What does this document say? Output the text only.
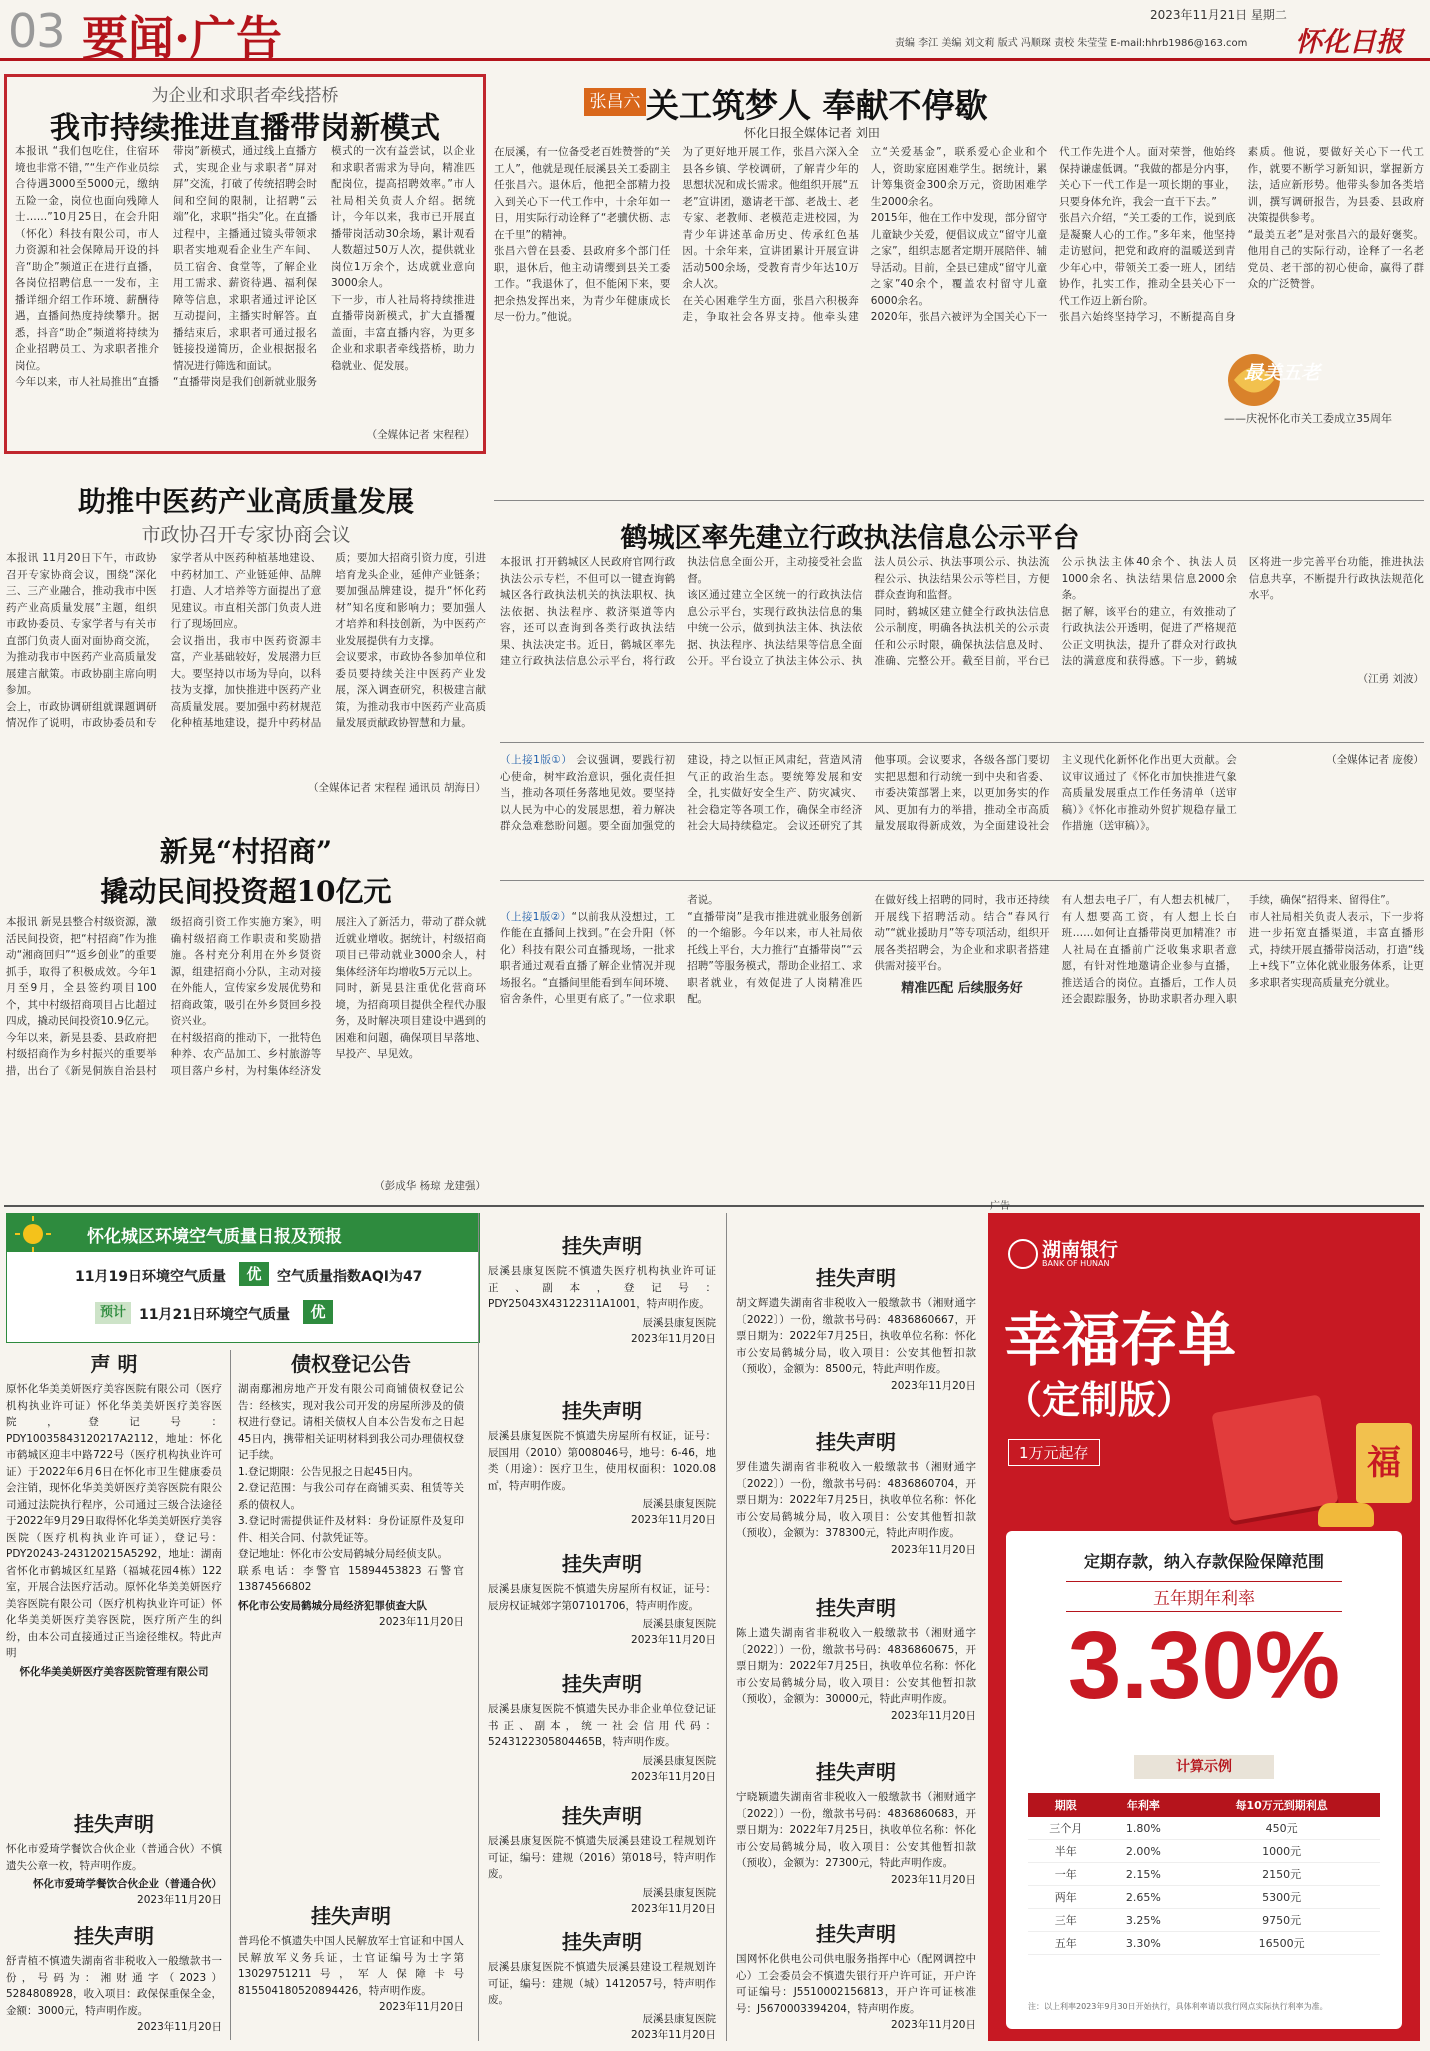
03 要闻·广告	2023年11月21日 星期二
责编 李江 美编 刘文莉 版式 冯顺琛 责校 朱莹莹 E-mail:hhrb1986@163.com 怀化日报
为企业和求职者牵线搭桥
我市持续推进直播带岗新模式
本报讯 “我们包吃住，住宿环境也非常不错，”“生产作业员综合待遇3000至5000元，缴纳五险一金，岗位也面向残障人士……”10月25日，在会升阳（怀化）科技有限公司，市人力资源和社会保障局开设的抖音“助企”频道正在进行直播，各岗位招聘信息一一发布，主播详细介绍工作环境、薪酬待遇，直播间热度持续攀升。据悉，抖音“助企”频道将持续为企业招聘员工、为求职者推介岗位。
今年以来，市人社局推出“直播带岗”新模式，通过线上直播方式，实现企业与求职者“屏对屏”交流，打破了传统招聘会时间和空间的限制，让招聘“云端”化，求职“指尖”化。在直播过程中，主播通过镜头带领求职者实地观看企业生产车间、员工宿舍、食堂等，了解企业用工需求、薪资待遇、福利保障等信息，求职者通过评论区互动提问，主播实时解答。直播结束后，求职者可通过报名链接投递简历，企业根据报名情况进行筛选和面试。
“直播带岗是我们创新就业服务模式的一次有益尝试，以企业和求职者需求为导向，精准匹配岗位，提高招聘效率。”市人社局相关负责人介绍。据统计，今年以来，我市已开展直播带岗活动30余场，累计观看人数超过50万人次，提供就业岗位1万余个，达成就业意向3000余人。
下一步，市人社局将持续推进直播带岗新模式，扩大直播覆盖面，丰富直播内容，为更多企业和求职者牵线搭桥，助力稳就业、促发展。
（全媒体记者 宋程程）
张昌六 关工筑梦人 奉献不停歇
怀化日报全媒体记者 刘田
在辰溪，有一位备受老百姓赞誉的“关工人”，他就是现任辰溪县关工委副主任张昌六。退休后，他把全部精力投入到关心下一代工作中，十余年如一日，用实际行动诠释了“老骥伏枥、志在千里”的精神。
张昌六曾在县委、县政府多个部门任职，退休后，他主动请缨到县关工委工作。“我退休了，但不能闲下来，要把余热发挥出来，为青少年健康成长尽一份力。”他说。
为了更好地开展工作，张昌六深入全县各乡镇、学校调研，了解青少年的思想状况和成长需求。他组织开展“五老”宣讲团，邀请老干部、老战士、老专家、老教师、老模范走进校园，为青少年讲述革命历史、传承红色基因。十余年来，宣讲团累计开展宣讲活动500余场，受教育青少年达10万余人次。
在关心困难学生方面，张昌六积极奔走，争取社会各界支持。他牵头建立“关爱基金”，联系爱心企业和个人，资助家庭困难学生。据统计，累计筹集资金300余万元，资助困难学生2000余名。
2015年，他在工作中发现，部分留守儿童缺少关爱，便倡议成立“留守儿童之家”，组织志愿者定期开展陪伴、辅导活动。目前，全县已建成“留守儿童之家”40余个，覆盖农村留守儿童6000余名。
2020年，张昌六被评为全国关心下一代工作先进个人。面对荣誉，他始终保持谦虚低调。“我做的都是分内事，关心下一代工作是一项长期的事业，只要身体允许，我会一直干下去。”
张昌六介绍，“关工委的工作，说到底是凝聚人心的工作。”多年来，他坚持走访慰问，把党和政府的温暖送到青少年心中，带领关工委一班人，团结协作，扎实工作，推动全县关心下一代工作迈上新台阶。
张昌六始终坚持学习，不断提高自身素质。他说，要做好关心下一代工作，就要不断学习新知识，掌握新方法，适应新形势。他带头参加各类培训，撰写调研报告，为县委、县政府决策提供参考。
“最美五老”是对张昌六的最好褒奖。他用自己的实际行动，诠释了一名老党员、老干部的初心使命，赢得了群众的广泛赞誉。
最美五老
——庆祝怀化市关工委成立35周年
助推中医药产业高质量发展
市政协召开专家协商会议
本报讯 11月20日下午，市政协召开专家协商会议，围绕“深化三、三产业融合，推动我市中医药产业高质量发展”主题，组织市政协委员、专家学者与有关市直部门负责人面对面协商交流，为推动我市中医药产业高质量发展建言献策。市政协副主席向明参加。
会上，市政协调研组就课题调研情况作了说明，市政协委员和专家学者从中医药种植基地建设、中药材加工、产业链延伸、品牌打造、人才培养等方面提出了意见建议。市直相关部门负责人进行了现场回应。
会议指出，我市中医药资源丰富，产业基础较好，发展潜力巨大。要坚持以市场为导向，以科技为支撑，加快推进中医药产业高质量发展。要加强中药材规范化种植基地建设，提升中药材品质；要加大招商引资力度，引进培育龙头企业，延伸产业链条；要加强品牌建设，提升“怀化药材”知名度和影响力；要加强人才培养和科技创新，为中医药产业发展提供有力支撑。
会议要求，市政协各参加单位和委员要持续关注中医药产业发展，深入调查研究，积极建言献策，为推动我市中医药产业高质量发展贡献政协智慧和力量。
（全媒体记者 宋程程 通讯员 胡海日）
鹤城区率先建立行政执法信息公示平台
本报讯 打开鹤城区人民政府官网行政执法公示专栏，不但可以一键查询鹤城区各行政执法机关的执法职权、执法依据、执法程序、救济渠道等内容，还可以查询到各类行政执法结果、执法决定书。近日，鹤城区率先建立行政执法信息公示平台，将行政执法信息全面公开，主动接受社会监督。
该区通过建立全区统一的行政执法信息公示平台，实现行政执法信息的集中统一公示，做到执法主体、执法依据、执法程序、执法结果等信息全面公开。平台设立了执法主体公示、执法人员公示、执法事项公示、执法流程公示、执法结果公示等栏目，方便群众查询和监督。
同时，鹤城区建立健全行政执法信息公示制度，明确各执法机关的公示责任和公示时限，确保执法信息及时、准确、完整公开。截至目前，平台已公示执法主体40余个、执法人员1000余名、执法结果信息2000余条。
据了解，该平台的建立，有效推动了行政执法公开透明，促进了严格规范公正文明执法，提升了群众对行政执法的满意度和获得感。下一步，鹤城区将进一步完善平台功能，推进执法信息共享，不断提升行政执法规范化水平。
（江勇 刘波）
（上接1版①） 会议强调，要践行初心使命，树牢政治意识，强化责任担当，推动各项任务落地见效。要坚持以人民为中心的发展思想，着力解决群众急难愁盼问题。要全面加强党的建设，持之以恒正风肃纪，营造风清气正的政治生态。要统筹发展和安全，扎实做好安全生产、防灾减灾、社会稳定等各项工作，确保全市经济社会大局持续稳定。 会议还研究了其他事项。会议要求，各级各部门要切实把思想和行动统一到中央和省委、市委决策部署上来，以更加务实的作风、更加有力的举措，推动全市高质量发展取得新成效，为全面建设社会主义现代化新怀化作出更大贡献。会议审议通过了《怀化市加快推进气象高质量发展重点工作任务清单（送审稿）》《怀化市推动外贸扩规稳存量工作措施（送审稿）》。
（全媒体记者 庞俊）
新晃“村招商”
撬动民间投资超10亿元
本报讯 新晃县整合村级资源，激活民间投资，把“村招商”作为推动“湘商回归”“返乡创业”的重要抓手，取得了积极成效。今年1月至9月，全县签约项目100个，其中村级招商项目占比超过四成，撬动民间投资10.9亿元。
今年以来，新晃县委、县政府把村级招商作为乡村振兴的重要举措，出台了《新晃侗族自治县村级招商引资工作实施方案》，明确村级招商工作职责和奖励措施。各村充分利用在外乡贤资源，组建招商小分队，主动对接在外能人，宣传家乡发展优势和招商政策，吸引在外乡贤回乡投资兴业。
在村级招商的推动下，一批特色种养、农产品加工、乡村旅游等项目落户乡村，为村集体经济发展注入了新活力，带动了群众就近就业增收。据统计，村级招商项目已带动就业3000余人，村集体经济年均增收5万元以上。
同时，新晃县注重优化营商环境，为招商项目提供全程代办服务，及时解决项目建设中遇到的困难和问题，确保项目早落地、早投产、早见效。
（彭成华 杨琼 龙建强）

（上接1版②）“以前我从没想过，工作能在直播间上找到。”在会升阳（怀化）科技有限公司直播现场，一批求职者通过观看直播了解企业情况并现场报名。“直播间里能看到车间环境、宿舍条件，心里更有底了。”一位求职者说。
“直播带岗”是我市推进就业服务创新的一个缩影。今年以来，市人社局依托线上平台，大力推行“直播带岗”“云招聘”等服务模式，帮助企业招工、求职者就业，有效促进了人岗精准匹配。
在做好线上招聘的同时，我市还持续开展线下招聘活动。结合“春风行动”“就业援助月”等专项活动，组织开展各类招聘会，为企业和求职者搭建供需对接平台。

精准匹配 后续服务好
有人想去电子厂，有人想去机械厂，有人想要高工资，有人想上长白班……如何让直播带岗更加精准？市人社局在直播前广泛收集求职者意愿，有针对性地邀请企业参与直播，推送适合的岗位。直播后，工作人员还会跟踪服务，协助求职者办理入职手续，确保“招得来、留得住”。
市人社局相关负责人表示，下一步将进一步拓宽直播渠道，丰富直播形式，持续开展直播带岗活动，打造“线上+线下”立体化就业服务体系，让更多求职者实现高质量充分就业。

怀化城区环境空气质量日报及预报
11月19日环境空气质量	优	空气质量指数AQI为47
预计 11月21日环境空气质量	优
声 明

原怀化华美美妍医疗美容医院有限公司（医疗机构执业许可证）怀化华美美妍医疗美容医院，登记号：PDY10035843120217A2112，地址：怀化市鹤城区迎丰中路722号（医疗机构执业许可证）于2022年6月6日在怀化市卫生健康委员会注销，现怀化华美美妍医疗美容医院有限公司通过法院执行程序，公司通过三级合法途径于2022年9月29日取得怀化华美美妍医疗美容医院（医疗机构执业许可证），登记号：PDY20243-243120215A5292，地址：湖南省怀化市鹤城区红星路（福城花园4栋）122室，开展合法医疗活动。原怀化华美美妍医疗美容医院有限公司（医疗机构执业许可证）怀化华美美妍医疗美容医院，医疗所产生的纠纷，由本公司直接通过正当途径维权。特此声明

怀化华美美妍医疗美容医院管理有限公司
挂失声明

怀化市爱琦学餐饮合伙企业（普通合伙）不慎遗失公章一枚，特声明作废。

怀化市爱琦学餐饮合伙企业（普通合伙）
2023年11月20日
挂失声明

舒青植不慎遗失湖南省非税收入一般缴款书一份，号码为：湘财通字（2023）5284808928，收入项目：政保保重保全金，金额：3000元，特声明作废。

2023年11月20日
债权登记公告

湖南鄢湘房地产开发有限公司商铺债权登记公告：经核实，现对我公司开发的房屋所涉及的债权进行登记。请相关债权人自本公告发布之日起45日内，携带相关证明材料到我公司办理债权登记手续。
1.登记期限：公告见报之日起45日内。
2.登记范围：与我公司存在商铺买卖、租赁等关系的债权人。
3.登记时需提供证件及材料：身份证原件及复印件、相关合同、付款凭证等。
登记地址：怀化市公安局鹤城分局经侦支队。

联系电话：李警官 15894453823 石警官 13874566802

怀化市公安局鹤城分局经济犯罪侦查大队
2023年11月20日
挂失声明

普玛伦不慎遗失中国人民解放军士官证和中国人民解放军义务兵证，士官证编号为士字第13029751211号，军人保障卡号815504180520894426，特声明作废。

2023年11月20日
挂失声明

辰溪县康复医院不慎遗失医疗机构执业许可证正、副本，登记号：PDY25043X43122311A1001，特声明作废。

辰溪县康复医院
2023年11月20日
挂失声明

辰溪县康复医院不慎遗失房屋所有权证，证号：辰国用（2010）第008046号，地号：6-46，地类（用途）：医疗卫生，使用权面积：1020.08㎡，特声明作废。

辰溪县康复医院
2023年11月20日
挂失声明

辰溪县康复医院不慎遗失房屋所有权证，证号：辰房权证城郊字第07101706，特声明作废。

辰溪县康复医院
2023年11月20日
挂失声明

辰溪县康复医院不慎遗失民办非企业单位登记证书正、副本，统一社会信用代码：5243122305804465B，特声明作废。

辰溪县康复医院
2023年11月20日
挂失声明

辰溪县康复医院不慎遗失辰溪县建设工程规划许可证，编号：建规（2016）第018号，特声明作废。

辰溪县康复医院
2023年11月20日
挂失声明

辰溪县康复医院不慎遗失辰溪县建设工程规划许可证，编号：建规（城）1412057号，特声明作废。

辰溪县康复医院
2023年11月20日
挂失声明

胡文辉遗失湖南省非税收入一般缴款书（湘财通字〔2022〕）一份，缴款书号码：4836860667，开票日期为：2022年7月25日，执收单位名称：怀化市公安局鹤城分局，收入项目：公安其他暂扣款（预收），金额为：8500元，特此声明作废。

2023年11月20日
挂失声明

罗佳遗失湖南省非税收入一般缴款书（湘财通字〔2022〕）一份，缴款书号码：4836860704，开票日期为：2022年7月25日，执收单位名称：怀化市公安局鹤城分局，收入项目：公安其他暂扣款（预收），金额为：378300元，特此声明作废。

2023年11月20日
挂失声明

陈上遗失湖南省非税收入一般缴款书（湘财通字〔2022〕）一份，缴款书号码：4836860675，开票日期为：2022年7月25日，执收单位名称：怀化市公安局鹤城分局，收入项目：公安其他暂扣款（预收），金额为：30000元，特此声明作废。

2023年11月20日
挂失声明

宁晓颖遗失湖南省非税收入一般缴款书（湘财通字〔2022〕）一份，缴款书号码：4836860683，开票日期为：2022年7月25日，执收单位名称：怀化市公安局鹤城分局，收入项目：公安其他暂扣款（预收），金额为：27300元，特此声明作废。

2023年11月20日
挂失声明

国网怀化供电公司供电服务指挥中心（配网调控中心）工会委员会不慎遗失银行开户许可证，开户许可证编号：J5510002156813，开户许可证核准号：J5670003394204，特声明作废。

2023年11月20日
广告
湖南银行
BANK OF HUNAN
幸福存单
（定制版）
1万元起存	福
定期存款，纳入存款保险保障范围
五年期年利率
3.30%
计算示例
期限	年利率	每10万元到期利息
三个月	1.80%	450元
半年	2.00%	1000元
一年	2.15%	2150元
两年	2.65%	5300元
三年	3.25%	9750元
五年	3.30%	16500元
注：以上利率2023年9月30日开始执行，具体利率请以我行网点实际执行利率为准。
